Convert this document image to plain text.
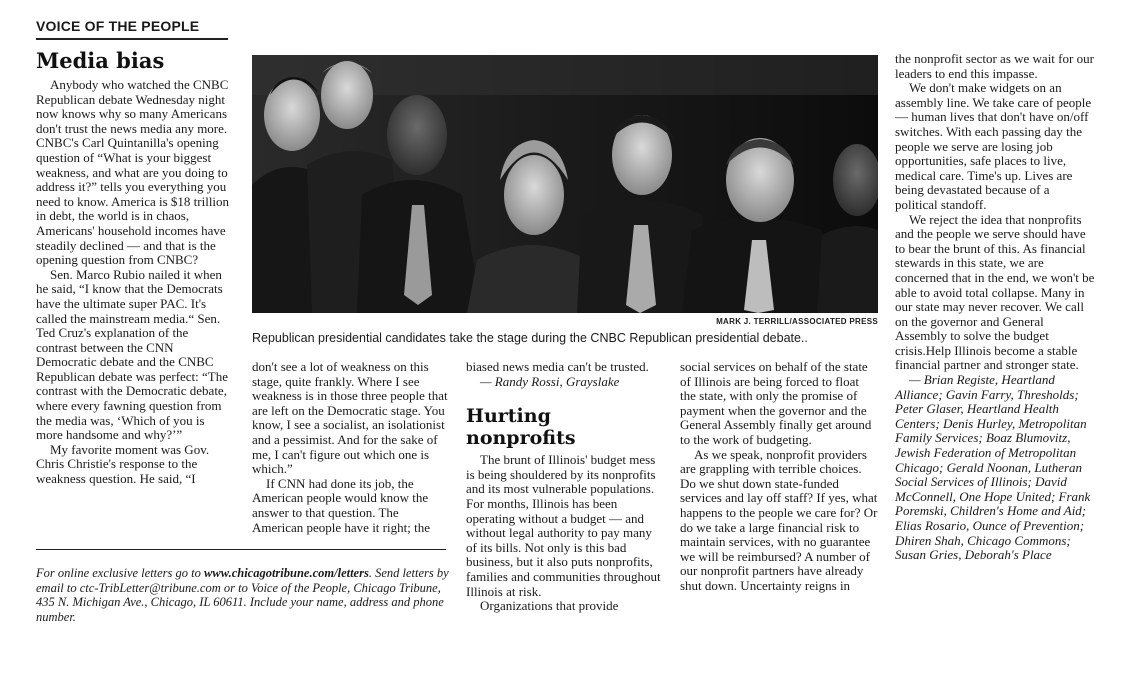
VOICE OF THE PEOPLE
Media bias

Anybody who watched the CNBC Republican debate Wednesday night now knows why so many Americans don't trust the news media any more. CNBC's Carl Quintanilla's opening question of “What is your biggest weakness, and what are you doing to address it?” tells you everything you need to know. America is $18 trillion in debt, the world is in chaos, Americans' household incomes have steadily declined — and that is the opening question from CNBC?

Sen. Marco Rubio nailed it when he said, “I know that the Democrats have the ultimate super PAC. It's called the mainstream media.“ Sen. Ted Cruz's explanation of the contrast between the CNN Democratic debate and the CNBC Republican debate was perfect: “The contrast with the Democratic debate, where every fawning question from the media was, ‘Which of you is more handsome and why?’”

My favorite moment was Gov. Chris Christie's response to the weakness question. He said, “I

MARK J. TERRILL/ASSOCIATED PRESS
Republican presidential candidates take the stage during the CNBC Republican presidential debate..

don't see a lot of weakness on this stage, quite frankly. Where I see weakness is in those three people that are left on the Democratic stage. You know, I see a socialist, an isolationist and a pessimist. And for the sake of me, I can't figure out which one is which.”

If CNN had done its job, the American people would know the answer to that question. The American people have it right; the

biased news media can't be trusted.

— Randy Rossi, Grayslake

Hurting nonprofits

The brunt of Illinois' budget mess is being shouldered by its nonprofits and its most vulnerable populations. For months, Illinois has been operating without a budget — and without legal authority to pay many of its bills. Not only is this bad business, but it also puts nonprofits, families and communities throughout Illinois at risk.

Organizations that provide

social services on behalf of the state of Illinois are being forced to float the state, with only the promise of payment when the governor and the General Assembly finally get around to the work of budgeting.

As we speak, nonprofit providers are grappling with terrible choices. Do we shut down state-funded services and lay off staff? If yes, what happens to the people we care for? Or do we take a large financial risk to maintain services, with no guarantee we will be reimbursed? A number of our nonprofit partners have already shut down. Uncertainty reigns in

the nonprofit sector as we wait for our leaders to end this impasse.

We don't make widgets on an assembly line. We take care of people — human lives that don't have on/off switches. With each passing day the people we serve are losing job opportunities, safe places to live, medical care. Time's up. Lives are being devastated because of a political standoff.

We reject the idea that nonprofits and the people we serve should have to bear the brunt of this. As financial stewards in this state, we are concerned that in the end, we won't be able to avoid total collapse. Many in our state may never recover. We call on the governor and General Assembly to solve the budget crisis.Help Illinois become a stable financial partner and stronger state.

— Brian Registe, Heartland Alliance; Gavin Farry, Thresholds; Peter Glaser, Heartland Health Centers; Denis Hurley, Metropolitan Family Services; Boaz Blumovitz, Jewish Federation of Metropolitan Chicago; Gerald Noonan, Lutheran Social Services of Illinois; David McConnell, One Hope United; Frank Poremski, Children's Home and Aid; Elias Rosario, Ounce of Prevention; Dhiren Shah, Chicago Commons; Susan Gries, Deborah's Place

For online exclusive letters go to www.chicagotribune.com/letters. Send letters by email to ctc-TribLetter@tribune.com or to Voice of the People, Chicago Tribune, 435 N. Michigan Ave., Chicago, IL 60611. Include your name, address and phone number.
